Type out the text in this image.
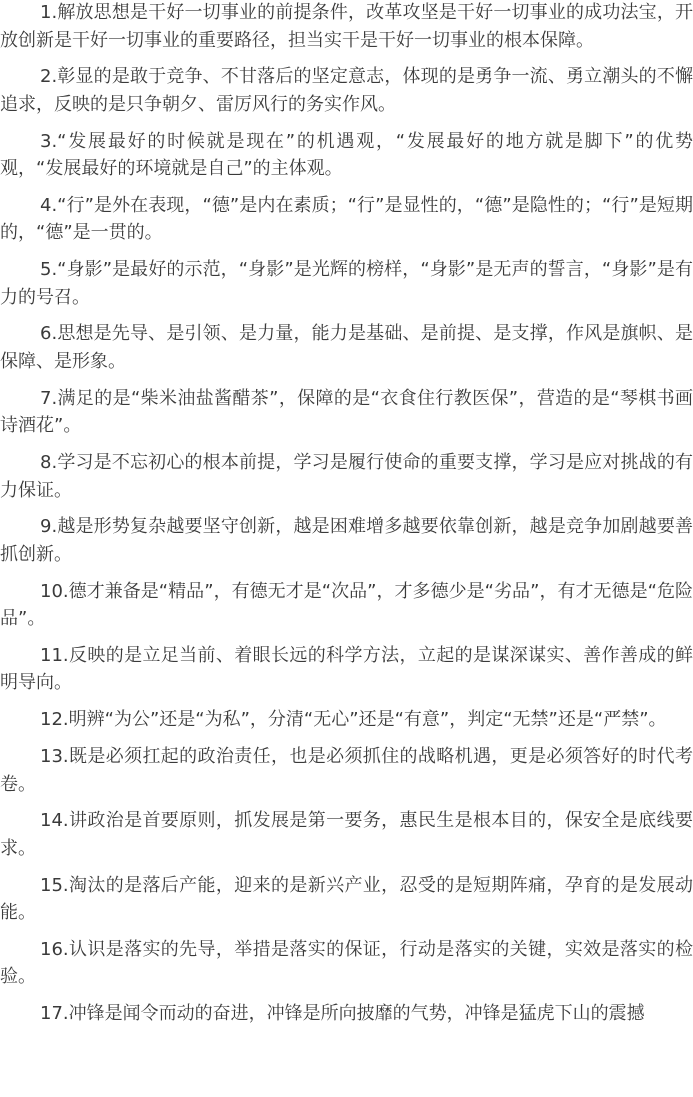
1.解放思想是干好一切事业的前提条件，改革攻坚是干好一切事业的成功法宝，开放创新是干好一切事业的重要路径，担当实干是干好一切事业的根本保障。

2.彰显的是敢于竞争、不甘落后的坚定意志，体现的是勇争一流、勇立潮头的不懈追求，反映的是只争朝夕、雷厉风行的务实作风。

3.“发展最好的时候就是现在”的机遇观，“发展最好的地方就是脚下”的优势观，“发展最好的环境就是自己”的主体观。

4.“行”是外在表现，“德”是内在素质；“行”是显性的，“德”是隐性的；“行”是短期的，“德”是一贯的。

5.“身影”是最好的示范，“身影”是光辉的榜样，“身影”是无声的誓言，“身影”是有力的号召。

6.思想是先导、是引领、是力量，能力是基础、是前提、是支撑，作风是旗帜、是保障、是形象。

7.满足的是“柴米油盐酱醋茶”，保障的是“衣食住行教医保”，营造的是“琴棋书画诗酒花”。

8.学习是不忘初心的根本前提，学习是履行使命的重要支撑，学习是应对挑战的有力保证。

9.越是形势复杂越要坚守创新，越是困难增多越要依靠创新，越是竞争加剧越要善抓创新。

10.德才兼备是“精品”，有德无才是“次品”，才多德少是“劣品”，有才无德是“危险品”。

11.反映的是立足当前、着眼长远的科学方法，立起的是谋深谋实、善作善成的鲜明导向。

12.明辨“为公”还是“为私”，分清“无心”还是“有意”，判定“无禁”还是“严禁”。

13.既是必须扛起的政治责任，也是必须抓住的战略机遇，更是必须答好的时代考卷。

14.讲政治是首要原则，抓发展是第一要务，惠民生是根本目的，保安全是底线要求。

15.淘汰的是落后产能，迎来的是新兴产业，忍受的是短期阵痛，孕育的是发展动能。

16.认识是落实的先导，举措是落实的保证，行动是落实的关键，实效是落实的检验。

17.冲锋是闻令而动的奋进，冲锋是所向披靡的气势，冲锋是猛虎下山的震撼
